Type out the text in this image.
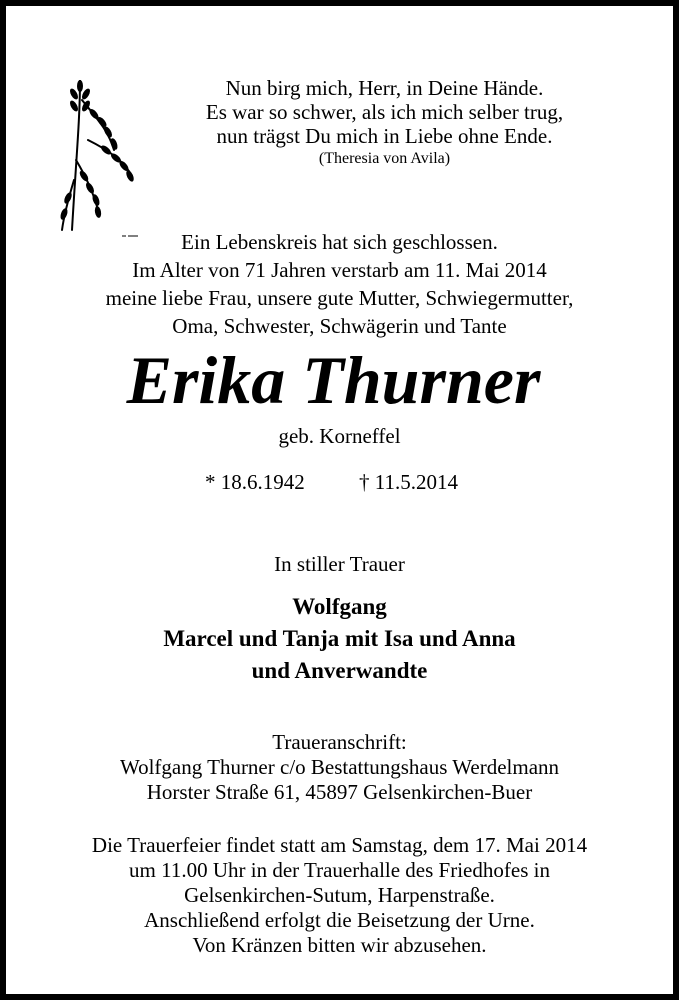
Nun birg mich, Herr, in Deine Hände.
Es war so schwer, als ich mich selber trug,
nun trägst Du mich in Liebe ohne Ende.
(Theresia von Avila)
Ein Lebenskreis hat sich geschlossen.
Im Alter von 71 Jahren verstarb am 11. Mai 2014
meine liebe Frau, unsere gute Mutter, Schwiegermutter,
Oma, Schwester, Schwägerin und Tante
Erika Thurner
geb. Korneffel
* 18.6.1942	† 11.5.2014
In stiller Trauer
Wolfgang
Marcel und Tanja mit Isa und Anna
und Anverwandte
Traueranschrift:
Wolfgang Thurner c/o Bestattungshaus Werdelmann
Horster Straße 61, 45897 Gelsenkirchen-Buer
Die Trauerfeier findet statt am Samstag, dem 17. Mai 2014
um 11.00 Uhr in der Trauerhalle des Friedhofes in
Gelsenkirchen-Sutum, Harpenstraße.
Anschließend erfolgt die Beisetzung der Urne.
Von Kränzen bitten wir abzusehen.
